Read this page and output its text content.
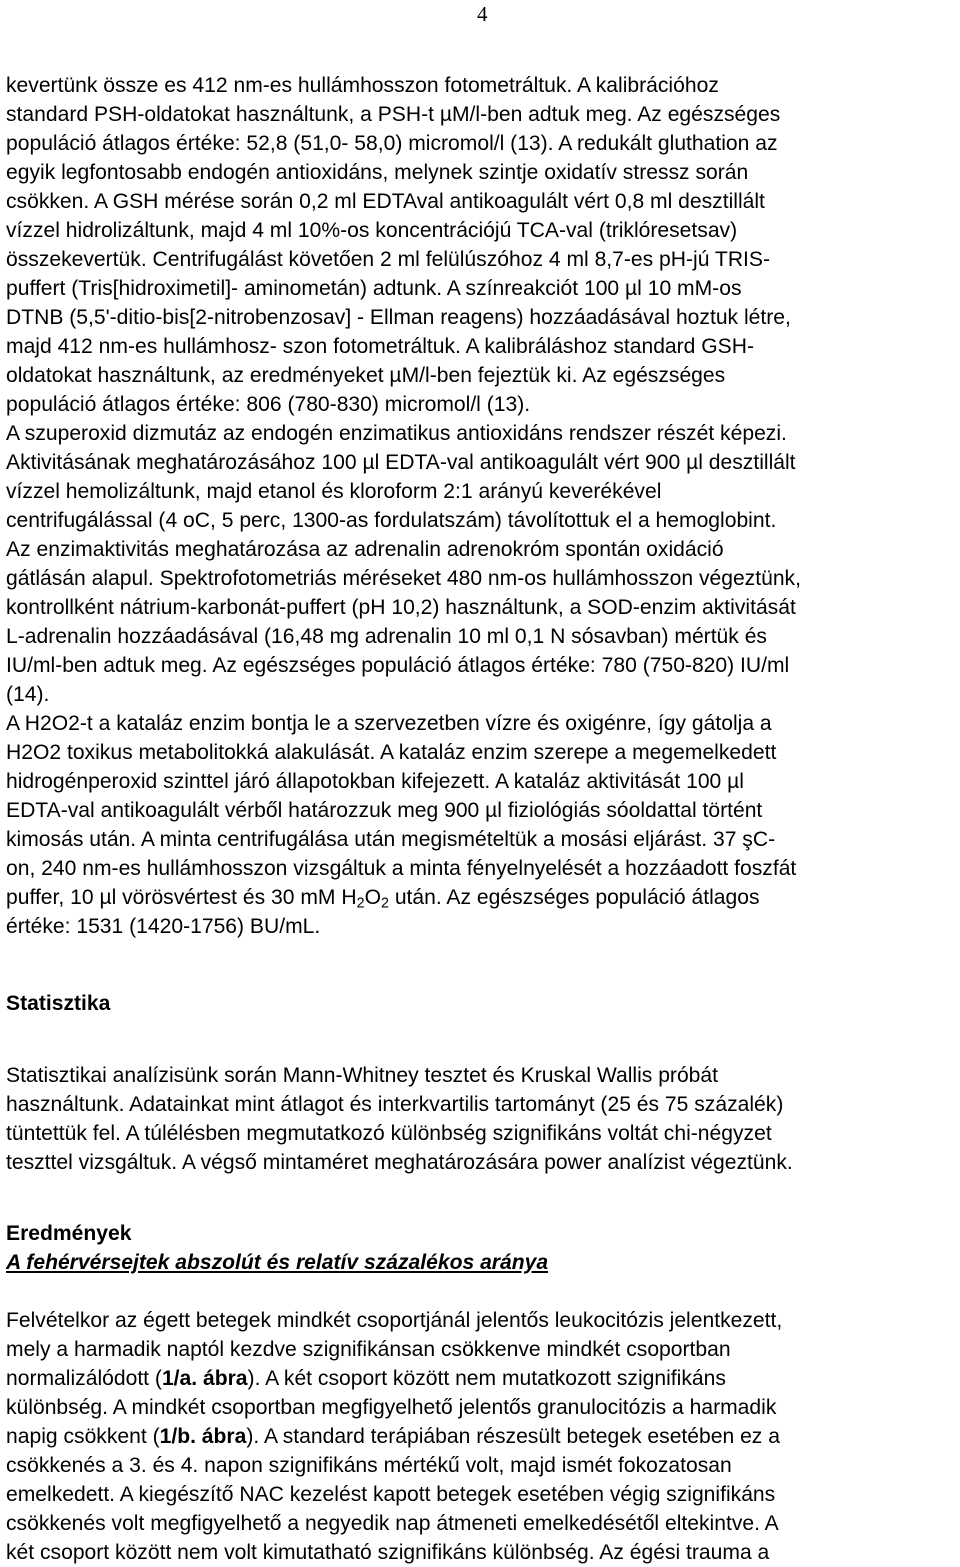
4
kevertünk össze es 412 nm-es hullámhosszon fotometráltuk. A kalibrációhoz
standard PSH-oldatokat használtunk, a PSH-t µM/l-ben adtuk meg. Az egészséges
populáció átlagos értéke: 52,8 (51,0- 58,0) micromol/l (13). A redukált gluthation az
egyik legfontosabb endogén antioxidáns, melynek szintje oxidatív stressz során
csökken. A GSH mérése során 0,2 ml EDTAval antikoagulált vért 0,8 ml desztillált
vízzel hidrolizáltunk, majd 4 ml 10%-os koncentrációjú TCA-val (triklóresetsav)
összekevertük. Centrifugálást követően 2 ml felülúszóhoz 4 ml 8,7-es pH-jú TRIS-
puffert (Tris[hidroximetil]- aminometán) adtunk. A színreakciót 100 µl 10 mM-os
DTNB (5,5'-ditio-bis[2-nitrobenzosav] - Ellman reagens) hozzáadásával hoztuk létre,
majd 412 nm-es hullámhosz- szon fotometráltuk. A kalibráláshoz standard GSH-
oldatokat használtunk, az eredményeket µM/l-ben fejeztük ki. Az egészséges
populáció átlagos értéke: 806 (780-830) micromol/l (13).
A szuperoxid dizmutáz az endogén enzimatikus antioxidáns rendszer részét képezi.
Aktivitásának meghatározásához 100 µl EDTA-val antikoagulált vért 900 µl desztillált
vízzel hemolizáltunk, majd etanol és kloroform 2:1 arányú keverékével
centrifugálással (4 oC, 5 perc, 1300-as fordulatszám) távolítottuk el a hemoglobint.
Az enzimaktivitás meghatározása az adrenalin adrenokróm spontán oxidáció
gátlásán alapul. Spektrofotometriás méréseket 480 nm-os hullámhosszon végeztünk,
kontrollként nátrium-karbonát-puffert (pH 10,2) használtunk, a SOD-enzim aktivitását
L-adrenalin hozzáadásával (16,48 mg adrenalin 10 ml 0,1 N sósavban) mértük és
IU/ml-ben adtuk meg. Az egészséges populáció átlagos értéke: 780 (750-820) IU/ml
(14).
A H2O2-t a kataláz enzim bontja le a szervezetben vízre és oxigénre, így gátolja a
H2O2 toxikus metabolitokká alakulását. A kataláz enzim szerepe a megemelkedett
hidrogénperoxid szinttel járó állapotokban kifejezett. A kataláz aktivitását 100 µl
EDTA-val antikoagulált vérből határozzuk meg 900 µl fiziológiás sóoldattal történt
kimosás után. A minta centrifugálása után megismételtük a mosási eljárást. 37 şC-
on, 240 nm-es hullámhosszon vizsgáltuk a minta fényelnyelését a hozzáadott foszfát
puffer, 10 µl vörösvértest és 30 mM $H_2O_2$ után. Az egészséges populáció átlagos
értéke: 1531 (1420-1756) BU/mL.
Statisztika
Statisztikai analízisünk során Mann-Whitney tesztet és Kruskal Wallis próbát
használtunk. Adatainkat mint átlagot és interkvartilis tartományt (25 és 75 százalék)
tüntettük fel. A túlélésben megmutatkozó különbség szignifikáns voltát chi-négyzet
teszttel vizsgáltuk. A végső mintaméret meghatározására power analízist végeztünk.
Eredmények
A fehérvérsejtek abszolút és relatív százalékos aránya
Felvételkor az égett betegek mindkét csoportjánál jelentős leukocitózis jelentkezett,
mely a harmadik naptól kezdve szignifikánsan csökkenve mindkét csoportban
normalizálódott (1/a. ábra). A két csoport között nem mutatkozott szignifikáns
különbség. A mindkét csoportban megfigyelhető jelentős granulocitózis a harmadik
napig csökkent (1/b. ábra). A standard terápiában részesült betegek esetében ez a
csökkenés a 3. és 4. napon szignifikáns mértékű volt, majd ismét fokozatosan
emelkedett. A kiegészítő NAC kezelést kapott betegek esetében végig szignifikáns
csökkenés volt megfigyelhető a negyedik nap átmeneti emelkedésétől eltekintve. A
két csoport között nem volt kimutatható szignifikáns különbség. Az égési trauma a
